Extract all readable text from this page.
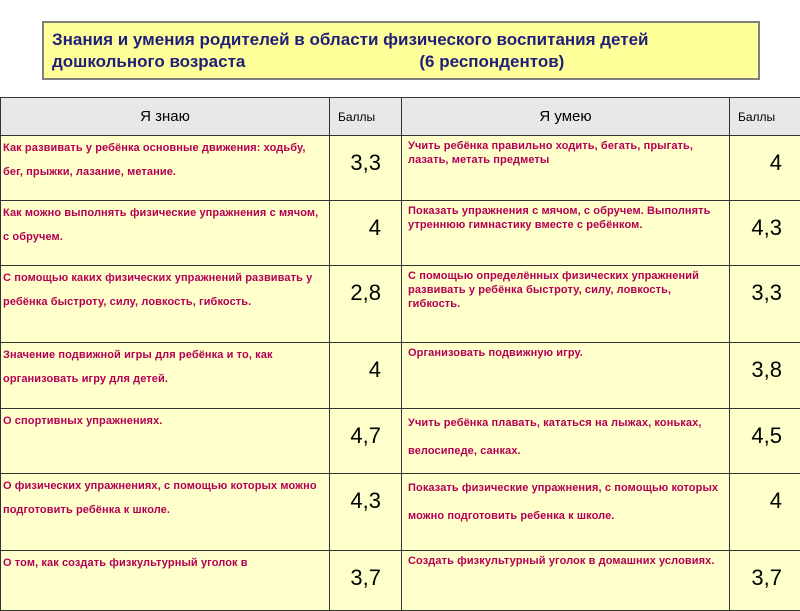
Знания и умения родителей в области физического воспитания детей
дошкольного возраста	(6 респондентов)
Я знаю	Баллы	Я умею	Баллы
Как развивать у ребёнка основные движения: ходьбу, бег, прыжки, лазание, метание.	3,3	Учить ребёнка правильно ходить, бегать, прыгать, лазать, метать предметы	4
Как можно выполнять физические упражнения с мячом, с обручем.	4	Показать упражнения с мячом, с обручем. Выполнять утреннюю гимнастику вместе с ребёнком.	4,3
С помощью каких физических упражнений развивать у ребёнка быстроту, силу, ловкость, гибкость.	2,8	С помощью определённых физических упражнений развивать у ребёнка быстроту, силу, ловкость, гибкость.	3,3
Значение подвижной игры для ребёнка и то, как организовать игру для детей.	4	Организовать подвижную игру.	3,8
О спортивных упражнениях.	4,7	Учить ребёнка плавать, кататься на лыжах, коньках, велосипеде, санках.	4,5
О физических упражнениях, с помощью которых можно подготовить ребёнка к школе.	4,3	Показать физические упражнения, с помощью которых можно подготовить ребенка к школе.	4
О том, как создать физкультурный уголок в	3,7	Создать физкультурный уголок в домашних условиях.	3,7
